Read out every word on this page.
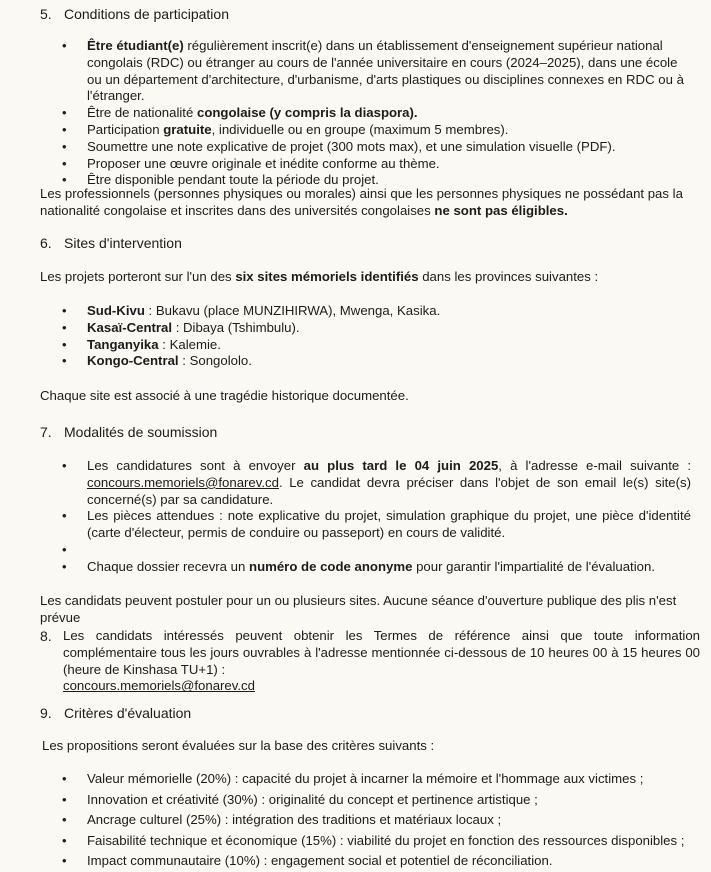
5. Conditions de participation
• Être étudiant(e) régulièrement inscrit(e) dans un établissement d'enseignement supérieur national congolais (RDC) ou étranger au cours de l'année universitaire en cours (2024–2025), dans une école ou un département d'architecture, d'urbanisme, d'arts plastiques ou disciplines connexes en RDC ou à l'étranger.
• Être de nationalité congolaise (y compris la diaspora).
• Participation gratuite, individuelle ou en groupe (maximum 5 membres).
• Soumettre une note explicative de projet (300 mots max), et une simulation visuelle (PDF).
• Proposer une œuvre originale et inédite conforme au thème.
• Être disponible pendant toute la période du projet.
Les professionnels (personnes physiques ou morales) ainsi que les personnes physiques ne possédant pas la nationalité congolaise et inscrites dans des universités congolaises ne sont pas éligibles.
6. Sites d'intervention
Les projets porteront sur l'un des six sites mémoriels identifiés dans les provinces suivantes :
• Sud-Kivu : Bukavu (place MUNZIHIRWA), Mwenga, Kasika.
• Kasaï-Central : Dibaya (Tshimbulu).
• Tanganyika : Kalemie.
• Kongo-Central : Songololo.
Chaque site est associé à une tragédie historique documentée.
7. Modalités de soumission
• Les candidatures sont à envoyer au plus tard le 04 juin 2025, à l'adresse e-mail suivante : concours.memoriels@fonarev.cd. Le candidat devra préciser dans l'objet de son email le(s) site(s) concerné(s) par sa candidature.
• Les pièces attendues : note explicative du projet, simulation graphique du projet, une pièce d'identité (carte d'électeur, permis de conduire ou passeport) en cours de validité.
•
• Chaque dossier recevra un numéro de code anonyme pour garantir l'impartialité de l'évaluation.
Les candidats peuvent postuler pour un ou plusieurs sites. Aucune séance d'ouverture publique des plis n'est prévue
8. Les candidats intéressés peuvent obtenir les Termes de référence ainsi que toute information complémentaire tous les jours ouvrables à l'adresse mentionnée ci-dessous de 10 heures 00 à 15 heures 00 (heure de Kinshasa TU+1) :
concours.memoriels@fonarev.cd
9. Critères d'évaluation
Les propositions seront évaluées sur la base des critères suivants :
• Valeur mémorielle (20%) : capacité du projet à incarner la mémoire et l'hommage aux victimes ;
• Innovation et créativité (30%) : originalité du concept et pertinence artistique ;
• Ancrage culturel (25%) : intégration des traditions et matériaux locaux ;
• Faisabilité technique et économique (15%) : viabilité du projet en fonction des ressources disponibles ;
• Impact communautaire (10%) : engagement social et potentiel de réconciliation.
